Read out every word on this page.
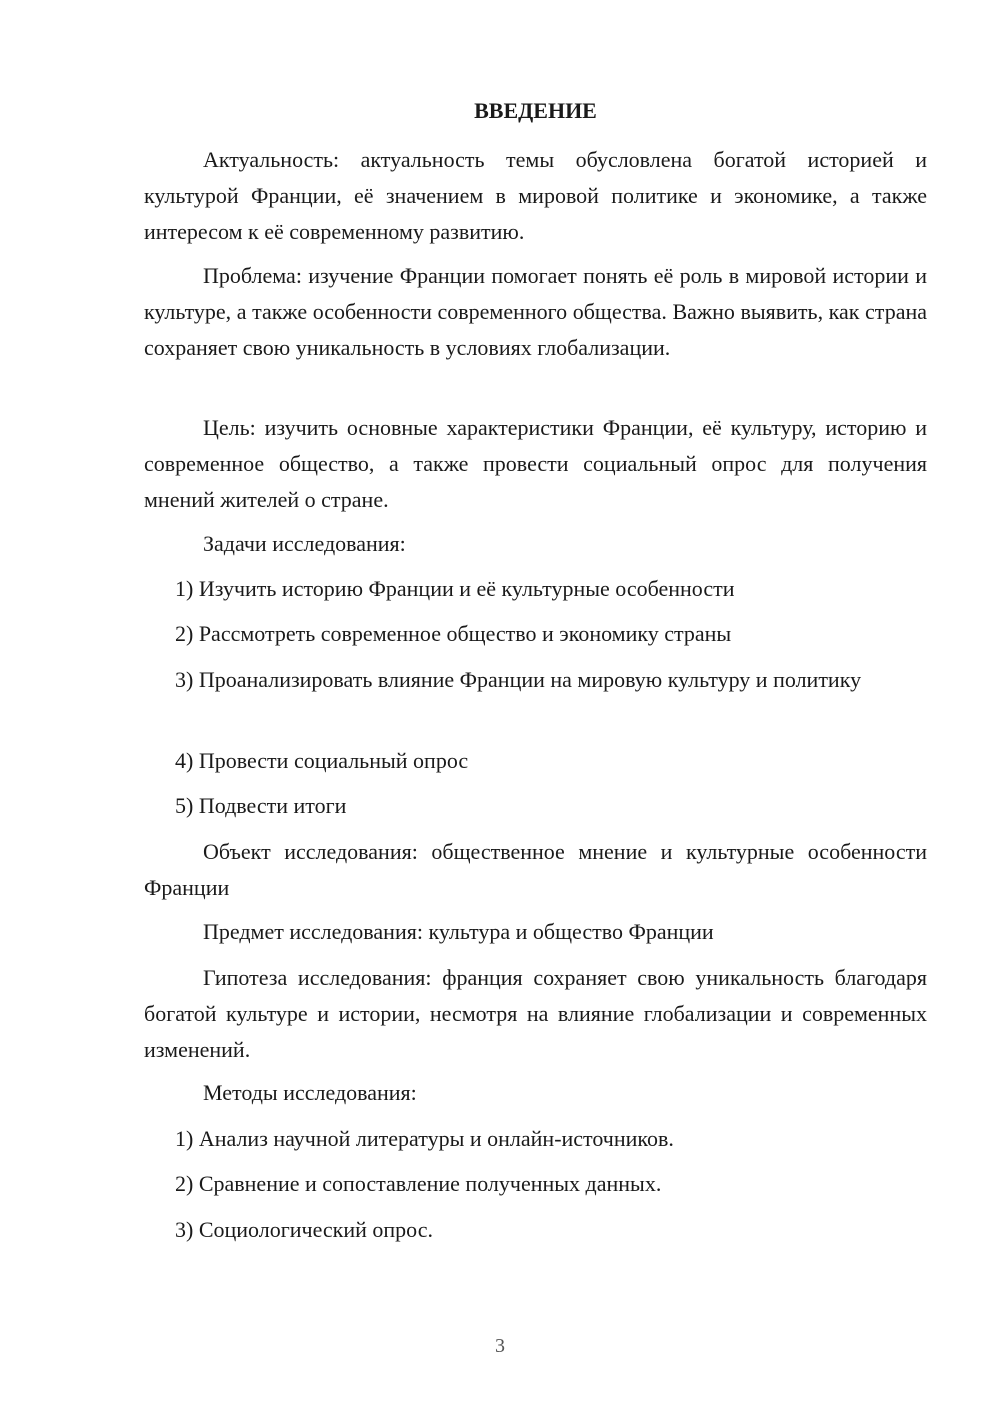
ВВЕДЕНИЕ

Актуальность: актуальность темы обусловлена богатой историей и культурой Франции, её значением в мировой политике и экономике, а также интересом к её современному развитию.

Проблема: изучение Франции помогает понять её роль в мировой истории и культуре, а также особенности современного общества. Важно выявить, как страна сохраняет свою уникальность в условиях глобализации.

Цель: изучить основные характеристики Франции, её культуру, историю и современное общество, а также провести социальный опрос для получения мнений жителей о стране.

Задачи исследования:

1) Изучить историю Франции и её культурные особенности

2) Рассмотреть современное общество и экономику страны

3) Проанализировать влияние Франции на мировую культуру и политику

4) Провести социальный опрос

5) Подвести итоги

Объект исследования: общественное мнение и культурные особенности Франции

Предмет исследования: культура и общество Франции

Гипотеза исследования: франция сохраняет свою уникальность благодаря богатой культуре и истории, несмотря на влияние глобализации и современных изменений.

Методы исследования:

1) Анализ научной литературы и онлайн-источников.

2) Сравнение и сопоставление полученных данных.

3) Социологический опрос.

3
